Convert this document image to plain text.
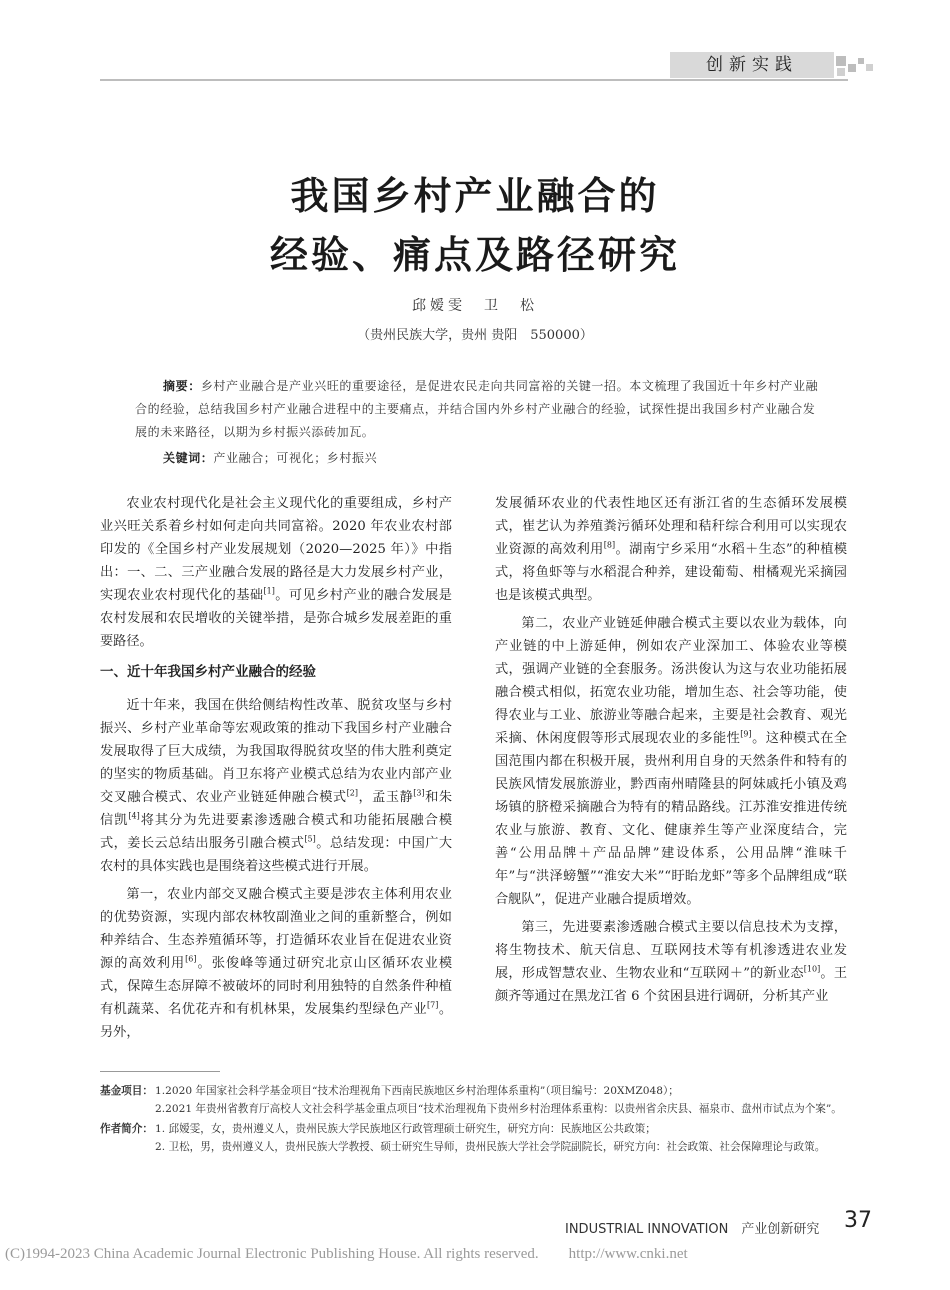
创新实践
我国乡村产业融合的
经验、痛点及路径研究
邱嫒雯　卫　松
（贵州民族大学，贵州 贵阳　550000）
摘要：乡村产业融合是产业兴旺的重要途径，是促进农民走向共同富裕的关键一招。本文梳理了我国近十年乡村产业融合的经验，总结我国乡村产业融合进程中的主要痛点，并结合国内外乡村产业融合的经验，试探性提出我国乡村产业融合发展的未来路径，以期为乡村振兴添砖加瓦。
关键词：产业融合；可视化；乡村振兴

农业农村现代化是社会主义现代化的重要组成，乡村产业兴旺关系着乡村如何走向共同富裕。2020 年农业农村部印发的《全国乡村产业发展规划（2020—2025 年）》中指出：一、二、三产业融合发展的路径是大力发展乡村产业，实现农业农村现代化的基础[1]。可见乡村产业的融合发展是农村发展和农民增收的关键举措，是弥合城乡发展差距的重要路径。

一、近十年我国乡村产业融合的经验

近十年来，我国在供给侧结构性改革、脱贫攻坚与乡村振兴、乡村产业革命等宏观政策的推动下我国乡村产业融合发展取得了巨大成绩，为我国取得脱贫攻坚的伟大胜利奠定的坚实的物质基础。肖卫东将产业模式总结为农业内部产业交叉融合模式、农业产业链延伸融合模式[2]，孟玉静[3]和朱信凯[4]将其分为先进要素渗透融合模式和功能拓展融合模式，姜长云总结出服务引融合模式[5]。总结发现：中国广大农村的具体实践也是围绕着这些模式进行开展。

第一，农业内部交叉融合模式主要是涉农主体利用农业的优势资源，实现内部农林牧副渔业之间的重新整合，例如种养结合、生态养殖循环等，打造循环农业旨在促进农业资源的高效利用[6]。张俊峰等通过研究北京山区循环农业模式，保障生态屏障不被破坏的同时利用独特的自然条件种植有机蔬菜、名优花卉和有机林果，发展集约型绿色产业[7]。另外，

发展循环农业的代表性地区还有浙江省的生态循环发展模式，崔艺认为养殖粪污循环处理和秸秆综合利用可以实现农业资源的高效利用[8]。湖南宁乡采用“水稻＋生态”的种植模式，将鱼虾等与水稻混合种养，建设葡萄、柑橘观光采摘园也是该模式典型。

第二，农业产业链延伸融合模式主要以农业为载体，向产业链的中上游延伸，例如农产业深加工、体验农业等模式，强调产业链的全套服务。汤洪俊认为这与农业功能拓展融合模式相似，拓宽农业功能，增加生态、社会等功能，使得农业与工业、旅游业等融合起来，主要是社会教育、观光采摘、休闲度假等形式展现农业的多能性[9]。这种模式在全国范围内都在积极开展，贵州利用自身的天然条件和特有的民族风情发展旅游业，黔西南州晴隆县的阿妹戚托小镇及鸡场镇的脐橙采摘融合为特有的精品路线。江苏淮安推进传统农业与旅游、教育、文化、健康养生等产业深度结合，完善“公用品牌＋产品品牌”建设体系，公用品牌“淮味千年”与“洪泽螃蟹”“淮安大米”“盱眙龙虾”等多个品牌组成“联合舰队”，促进产业融合提质增效。

第三，先进要素渗透融合模式主要以信息技术为支撑，将生物技术、航天信息、互联网技术等有机渗透进农业发展，形成智慧农业、生物农业和“互联网＋”的新业态[10]。王颜齐等通过在黑龙江省 6 个贫困县进行调研，分析其产业

基金项目： 1.2020 年国家社会科学基金项目“技术治理视角下西南民族地区乡村治理体系重构”（项目编号：20XMZ048）；
2.2021 年贵州省教育厅高校人文社会科学基金重点项目“技术治理视角下贵州乡村治理体系重构：以贵州省余庆县、福泉市、盘州市试点为个案”。
作者简介： 1. 邱嫒雯，女，贵州遵义人，贵州民族大学民族地区行政管理硕士研究生，研究方向：民族地区公共政策；
2. 卫松，男，贵州遵义人，贵州民族大学教授、硕士研究生导师，贵州民族大学社会学院副院长，研究方向：社会政策、社会保障理论与政策。
INDUSTRIAL INNOVATION　产业创新研究 37
(C)1994-2023 China Academic Journal Electronic Publishing House. All rights reserved.　　http://www.cnki.net
